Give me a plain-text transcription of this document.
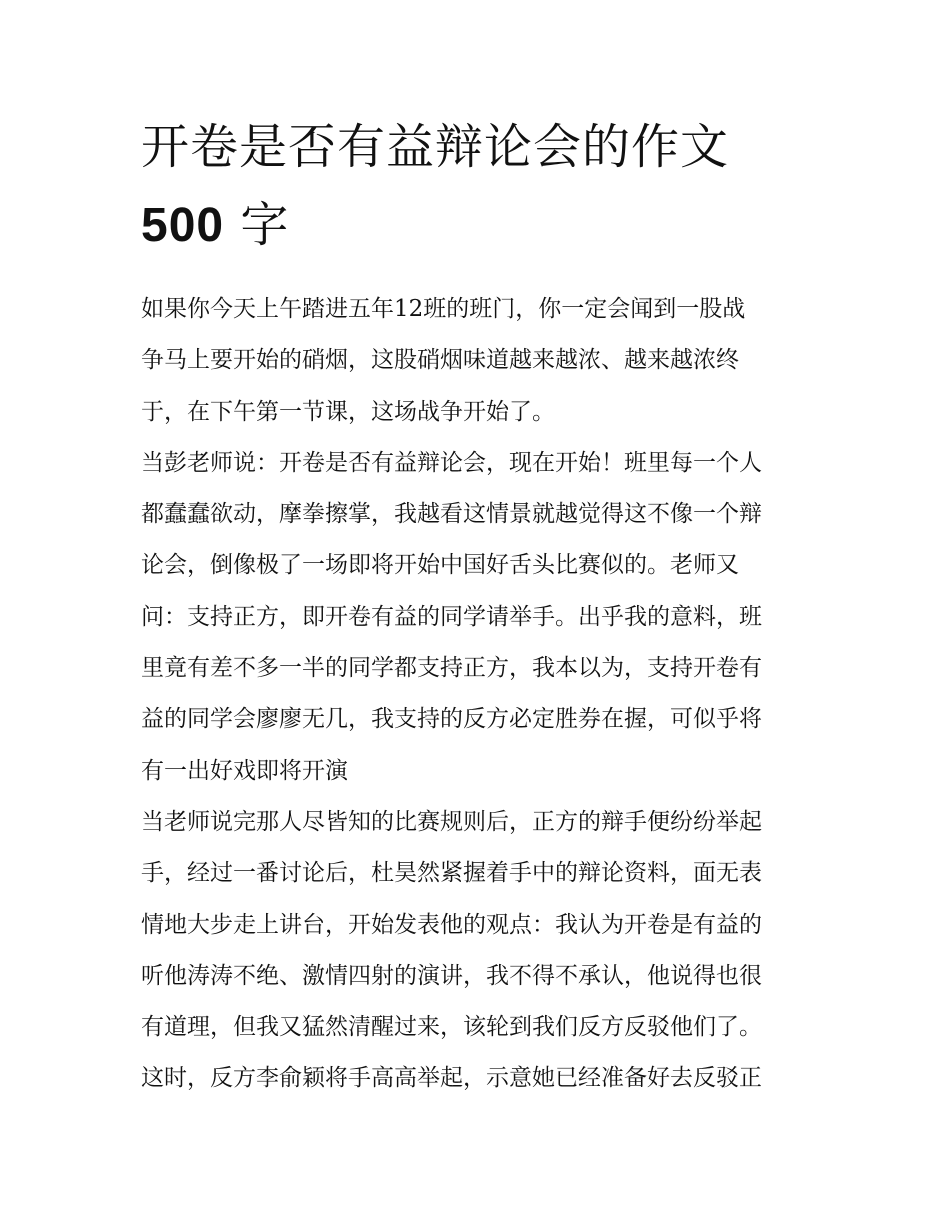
开卷是否有益辩论会的作文
500 字

如果你今天上午踏进五年12班的班门，你一定会闻到一股战
争马上要开始的硝烟，这股硝烟味道越来越浓、越来越浓终
于，在下午第一节课，这场战争开始了。

当彭老师说：开卷是否有益辩论会，现在开始！班里每一个人
都蠢蠢欲动，摩拳擦掌，我越看这情景就越觉得这不像一个辩
论会，倒像极了一场即将开始中国好舌头比赛似的。老师又
问：支持正方，即开卷有益的同学请举手。出乎我的意料，班
里竟有差不多一半的同学都支持正方，我本以为，支持开卷有
益的同学会廖廖无几，我支持的反方必定胜券在握，可似乎将
有一出好戏即将开演

当老师说完那人尽皆知的比赛规则后，正方的辩手便纷纷举起
手，经过一番讨论后，杜昊然紧握着手中的辩论资料，面无表
情地大步走上讲台，开始发表他的观点：我认为开卷是有益的
听他涛涛不绝、激情四射的演讲，我不得不承认，他说得也很
有道理，但我又猛然清醒过来，该轮到我们反方反驳他们了。
这时，反方李俞颖将手高高举起，示意她已经准备好去反驳正
